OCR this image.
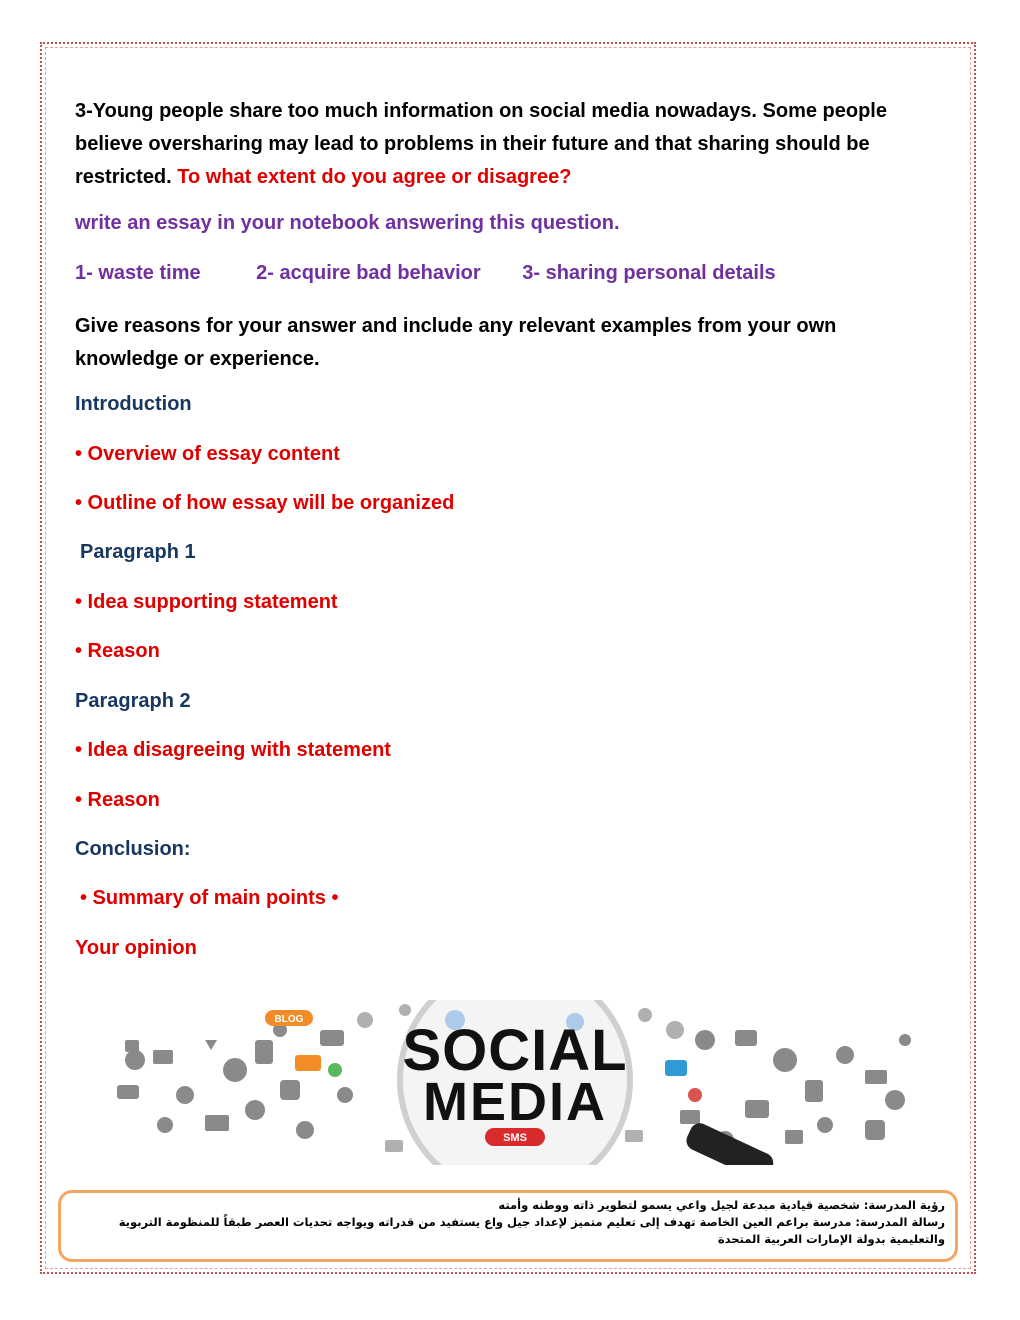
3-Young people share too much information on social media nowadays. Some people believe oversharing may lead to problems in their future and that sharing should be restricted. To what extent do you agree or disagree?
write an essay in your notebook answering this question.
1- waste time	2- acquire bad behavior 3- sharing personal details
Give reasons for your answer and include any relevant examples from your own knowledge or experience.
Introduction
• Overview of essay content
• Outline of how essay will be organized
Paragraph 1
• Idea supporting statement
• Reason
Paragraph 2
• Idea disagreeing with statement
• Reason
Conclusion:
• Summary of main points •
Your opinion
BLOG
SMS
SOCIAL
MEDIA
رؤية المدرسة: شخصية قيادية مبدعة لجيل واعي يسمو لتطوير ذاته ووطنه وأمته
رسالة المدرسة: مدرسة براعم العين الخاصة تهدف إلى تعليم متميز لإعداد جيل واع يستفيد من قدراته ويواجه تحديات العصر طبقاً للمنظومة التربوية والتعليمية بدولة الإمارات العربية المتحدة
